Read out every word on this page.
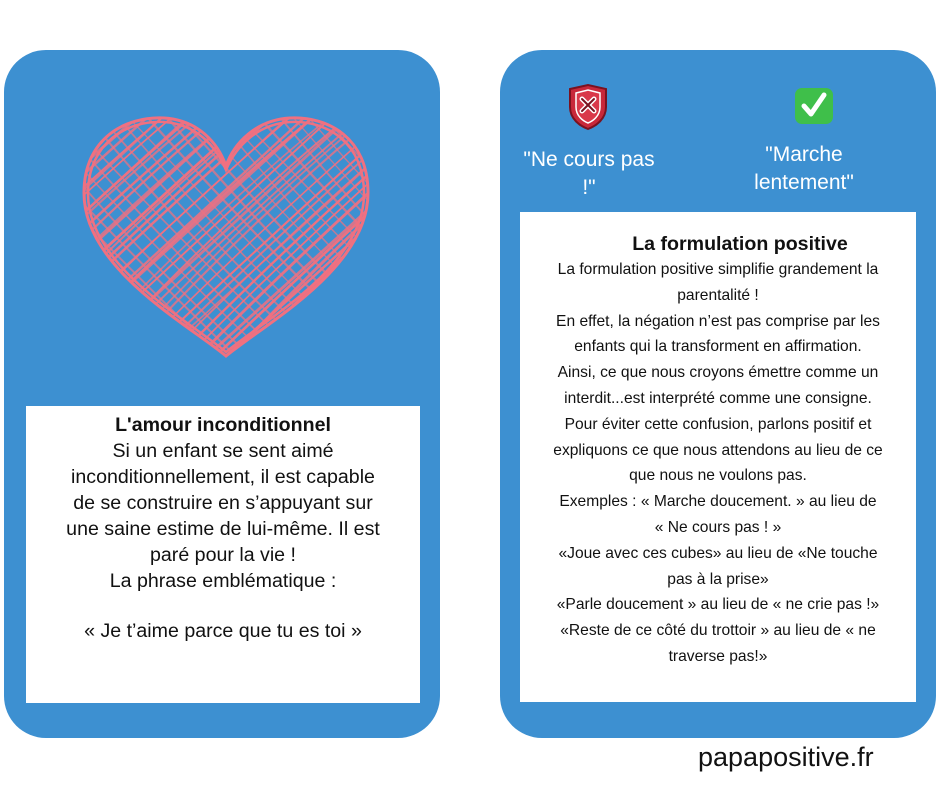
L'amour inconditionnel
Si un enfant se sent aimé
inconditionnellement, il est capable
de se construire en s’appuyant sur
une saine estime de lui-même. Il est
paré pour la vie !
La phrase emblématique :
« Je t’aime parce que tu es toi »
"Ne cours pas
!"
"Marche
lentement"
La formulation positive
La formulation positive simplifie grandement la
parentalité !
En effet, la négation n’est pas comprise par les
enfants qui la transforment en affirmation.
Ainsi, ce que nous croyons émettre comme un
interdit...est interprété comme une consigne.
Pour éviter cette confusion, parlons positif et
expliquons ce que nous attendons au lieu de ce
que nous ne voulons pas.
Exemples : « Marche doucement. » au lieu de
« Ne cours pas ! »
«Joue avec ces cubes» au lieu de «Ne touche
pas à la prise»
«Parle doucement » au lieu de « ne crie pas !»
«Reste de ce côté du trottoir » au lieu de « ne
traverse pas!»
papapositive.fr
